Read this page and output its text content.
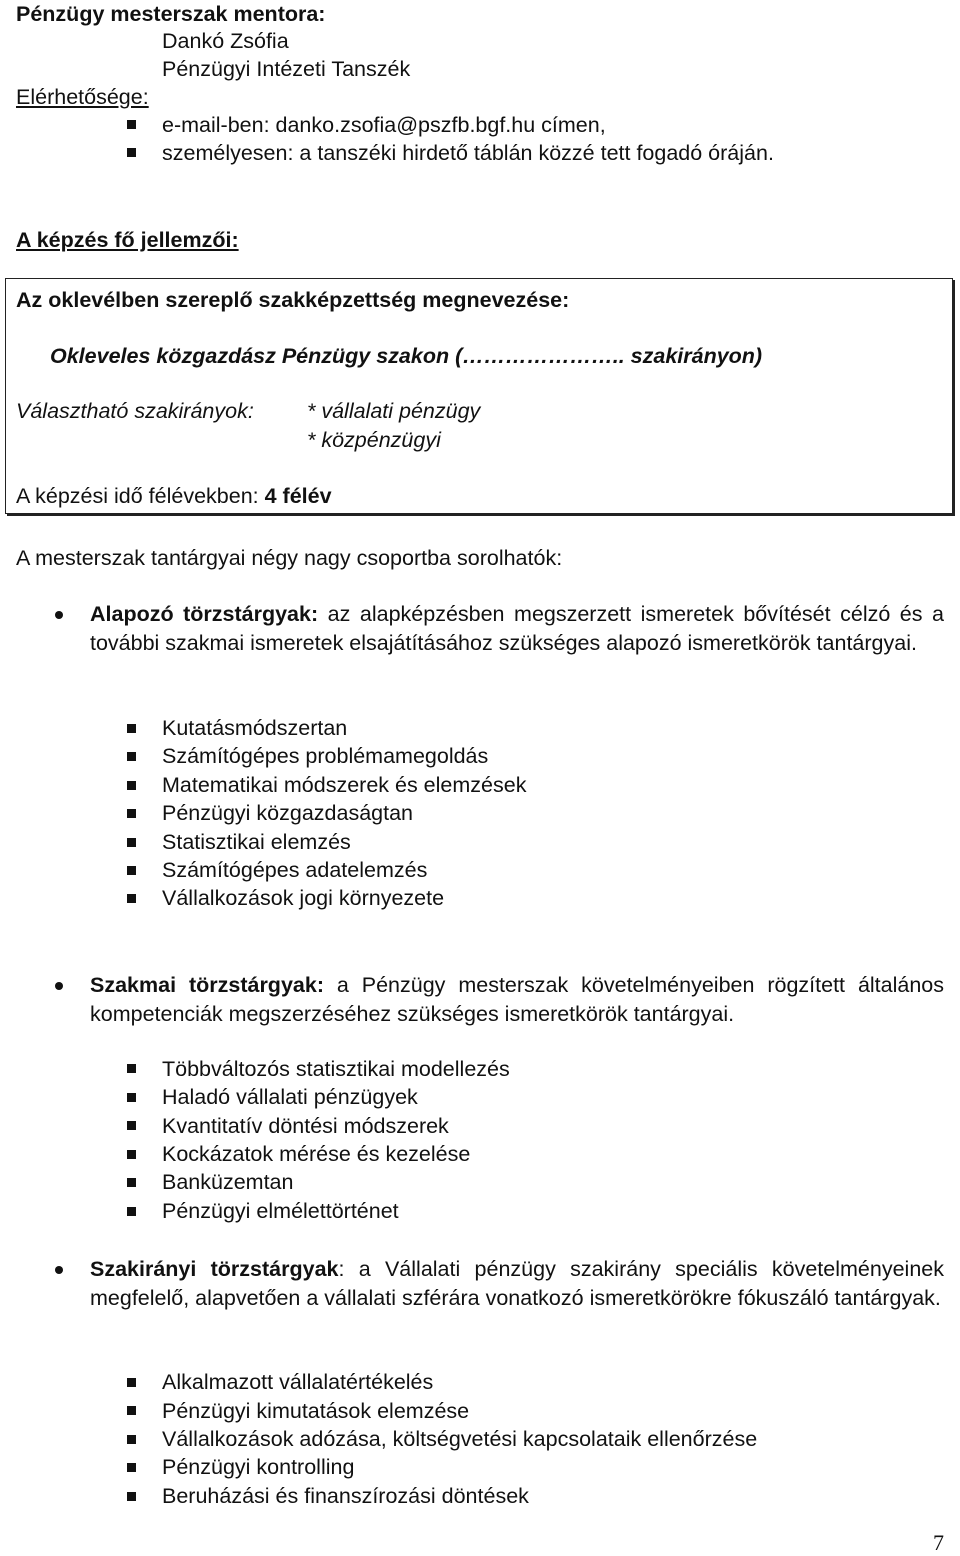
Pénzügy mesterszak mentora:
Dankó Zsófia
Pénzügyi Intézeti Tanszék
Elérhetősége:
e-mail-ben: danko.zsofia@pszfb.bgf.hu címen,
személyesen: a tanszéki hirdető táblán közzé tett fogadó óráján.
A képzés fő jellemzői:
Az oklevélben szereplő szakképzettség megnevezése:
Okleveles közgazdász Pénzügy szakon (………………….. szakirányon)
Választható szakirányok: * vállalati pénzügy
* közpénzügyi
A képzési idő félévekben: 4 félév
A mesterszak tantárgyai négy nagy csoportba sorolhatók:
Alapozó törzstárgyak: az alapképzésben megszerzett ismeretek bővítését célzó és a további szakmai ismeretek elsajátításához szükséges alapozó ismeretkörök tantárgyai.
Kutatásmódszertan
Számítógépes problémamegoldás
Matematikai módszerek és elemzések
Pénzügyi közgazdaságtan
Statisztikai elemzés
Számítógépes adatelemzés
Vállalkozások jogi környezete
Szakmai törzstárgyak: a Pénzügy mesterszak követelményeiben rögzített általános kompetenciák megszerzéséhez szükséges ismeretkörök tantárgyai.
Többváltozós statisztikai modellezés
Haladó vállalati pénzügyek
Kvantitatív döntési módszerek
Kockázatok mérése és kezelése
Banküzemtan
Pénzügyi elmélettörténet
Szakirányi törzstárgyak: a Vállalati pénzügy szakirány speciális követelményeinek megfelelő, alapvetően a vállalati szférára vonatkozó ismeretkörökre fókuszáló tantárgyak.
Alkalmazott vállalatértékelés
Pénzügyi kimutatások elemzése
Vállalkozások adózása, költségvetési kapcsolataik ellenőrzése
Pénzügyi kontrolling
Beruházási és finanszírozási döntések
7
